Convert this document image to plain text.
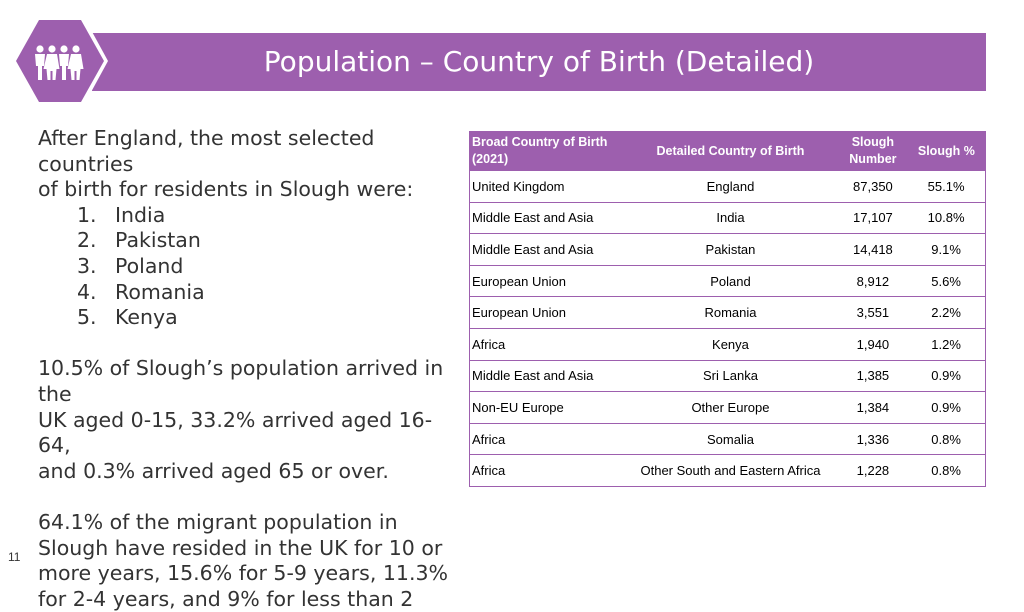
Population – Country of Birth (Detailed)

After England, the most selected countries

of birth for residents in Slough were:

1. India
2. Pakistan
3. Poland
4. Romania
5. Kenya

10.5% of Slough’s population arrived in the

UK aged 0-15, 33.2% arrived aged 16-64,

and 0.3% arrived aged 65 or over.

64.1% of the migrant population in Slough have resided in the UK for 10 or more years, 15.6% for 5-9 years, 11.3% for 2-4 years, and 9% for less than 2

Broad Country of Birth (2021)	Detailed Country of Birth	Slough Number	Slough %
United Kingdom	England	87,350	55.1%
Middle East and Asia	India	17,107	10.8%
Middle East and Asia	Pakistan	14,418	9.1%
European Union	Poland	8,912	5.6%
European Union	Romania	3,551	2.2%
Africa	Kenya	1,940	1.2%
Middle East and Asia	Sri Lanka	1,385	0.9%
Non-EU Europe	Other Europe	1,384	0.9%
Africa	Somalia	1,336	0.8%
Africa	Other South and Eastern Africa	1,228	0.8%
11
